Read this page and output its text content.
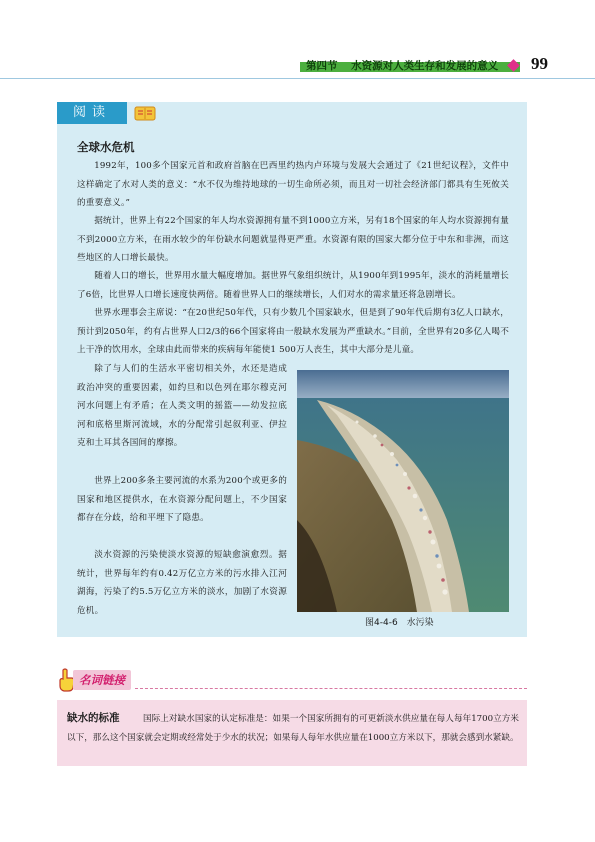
第四节 水资源对人类生存和发展的意义 99
阅读
全球水危机

1992年，100多个国家元首和政府首脑在巴西里约热内卢环境与发展大会通过了《21世纪议程》，文件中这样确定了水对人类的意义：“水不仅为维持地球的一切生命所必须，而且对一切社会经济部门都具有生死攸关的重要意义。”

据统计，世界上有22个国家的年人均水资源拥有量不到1000立方米，另有18个国家的年人均水资源拥有量不到2000立方米，在雨水较少的年份缺水问题就显得更严重。水资源有限的国家大都分位于中东和非洲，而这些地区的人口增长最快。

随着人口的增长，世界用水量大幅度增加。据世界气象组织统计，从1900年到1995年，淡水的消耗量增长了6倍，比世界人口增长速度快两倍。随着世界人口的继续增长，人们对水的需求量还将急剧增长。

世界水理事会主席说：“在20世纪50年代，只有少数几个国家缺水，但是到了90年代后期有3亿人口缺水，预计到2050年，约有占世界人口2/3的66个国家将由一般缺水发展为严重缺水。”目前，全世界有20多亿人喝不上干净的饮用水，全球由此而带来的疾病每年能使1 500万人丧生，其中大部分是儿童。

除了与人们的生活水平密切相关外，水还是造成政治冲突的重要因素，如约旦和以色列在耶尔穆克河河水问题上有矛盾；在人类文明的摇篮——幼发拉底河和底格里斯河流域，水的分配常引起叙利亚、伊拉克和土耳其各国间的摩擦。

世界上200多条主要河流的水系为200个或更多的国家和地区提供水，在水资源分配问题上，不少国家都存在分歧，给和平埋下了隐患。

淡水资源的污染使淡水资源的短缺愈演愈烈。据统计，世界每年约有0.42万亿立方米的污水排入江河湖海，污染了约5.5万亿立方米的淡水，加剧了水资源危机。

图4-4-6　水污染
名词链接

国际上对缺水国家的认定标准是：如果一个国家所拥有的可更新淡水供应量在每人每年1700立方米以下，那么这个国家就会定期或经常处于少水的状况；如果每人每年水供应量在1000立方米以下，那就会感到水紧缺。

缺水的标准
